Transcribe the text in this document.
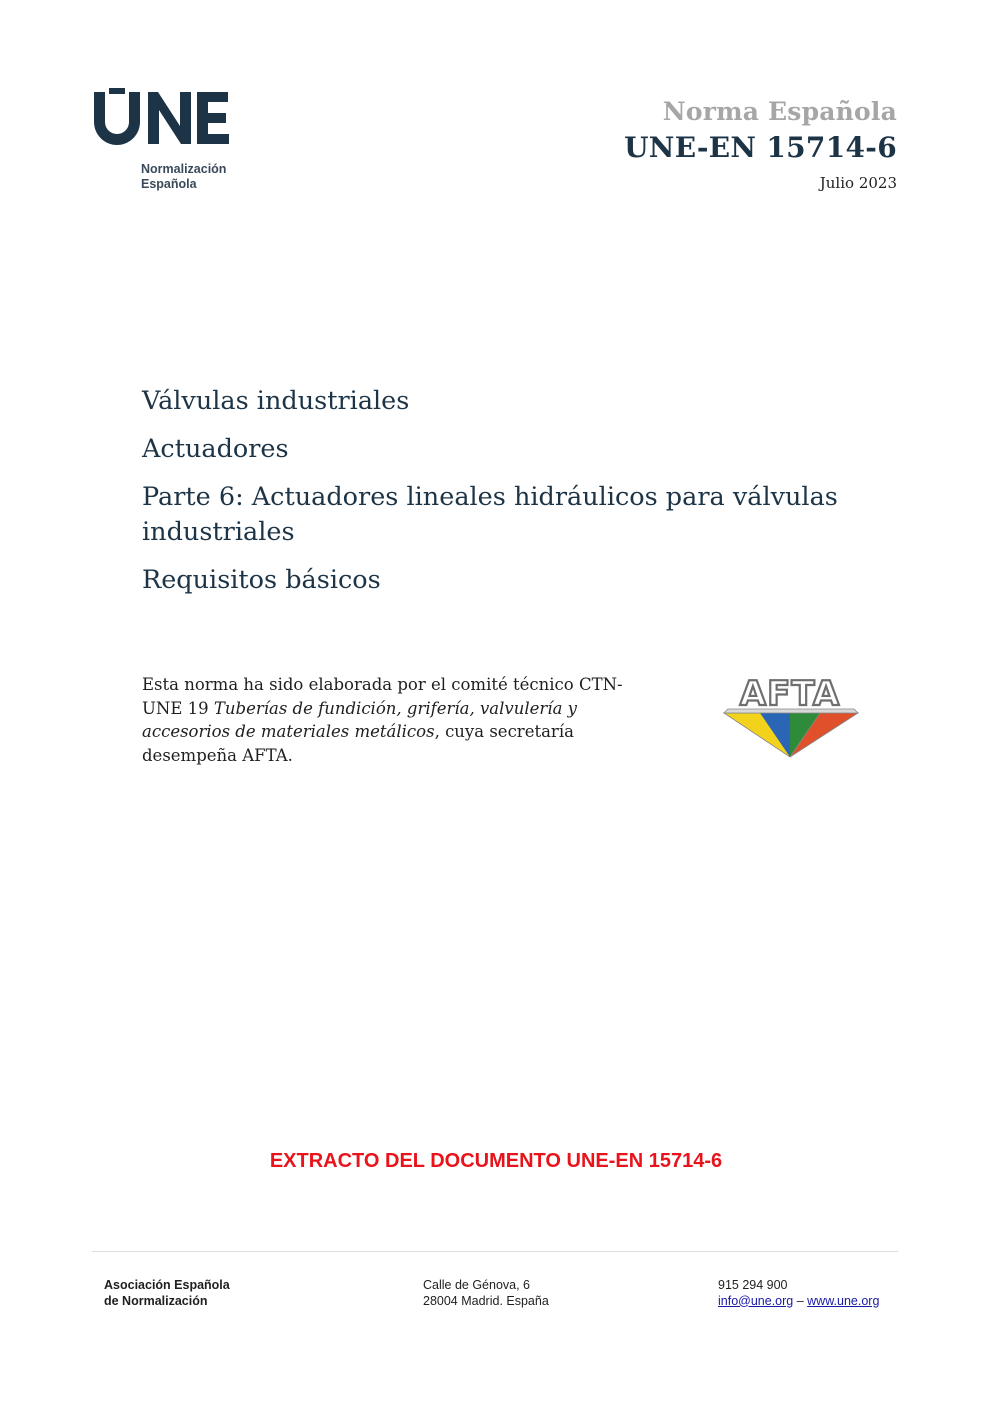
Normalización
Española
Norma Española
UNE-EN 15714-6
Julio 2023
Válvulas industriales
Actuadores
Parte 6: Actuadores lineales hidráulicos para válvulas industriales
Requisitos básicos
Esta norma ha sido elaborada por el comité técnico CTN-UNE 19 Tuberías de fundición, grifería, valvulería y accesorios de materiales metálicos, cuya secretaría desempeña AFTA.
AFTA
EXTRACTO DEL DOCUMENTO UNE-EN 15714-6
Asociación Española
de Normalización
Calle de Génova, 6
28004 Madrid. España
915 294 900
info@une.org – www.une.org
